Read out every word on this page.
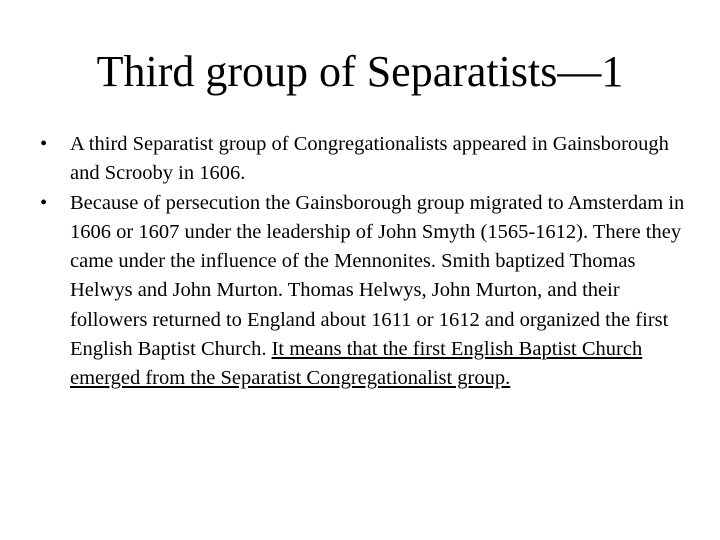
Third group of Separatists—1
•	A third Separatist group of Congregationalists appeared in Gainsborough and Scrooby in 1606.
•	Because of persecution the Gainsborough group migrated to Amsterdam in 1606 or 1607 under the leadership of John Smyth (1565-1612). There they came under the influence of the Mennonites. Smith baptized Thomas Helwys and John Murton. Thomas Helwys, John Murton, and their followers returned to England about 1611 or 1612 and organized the first English Baptist Church. It means that the first English Baptist Church emerged from the Separatist Congregationalist group.
